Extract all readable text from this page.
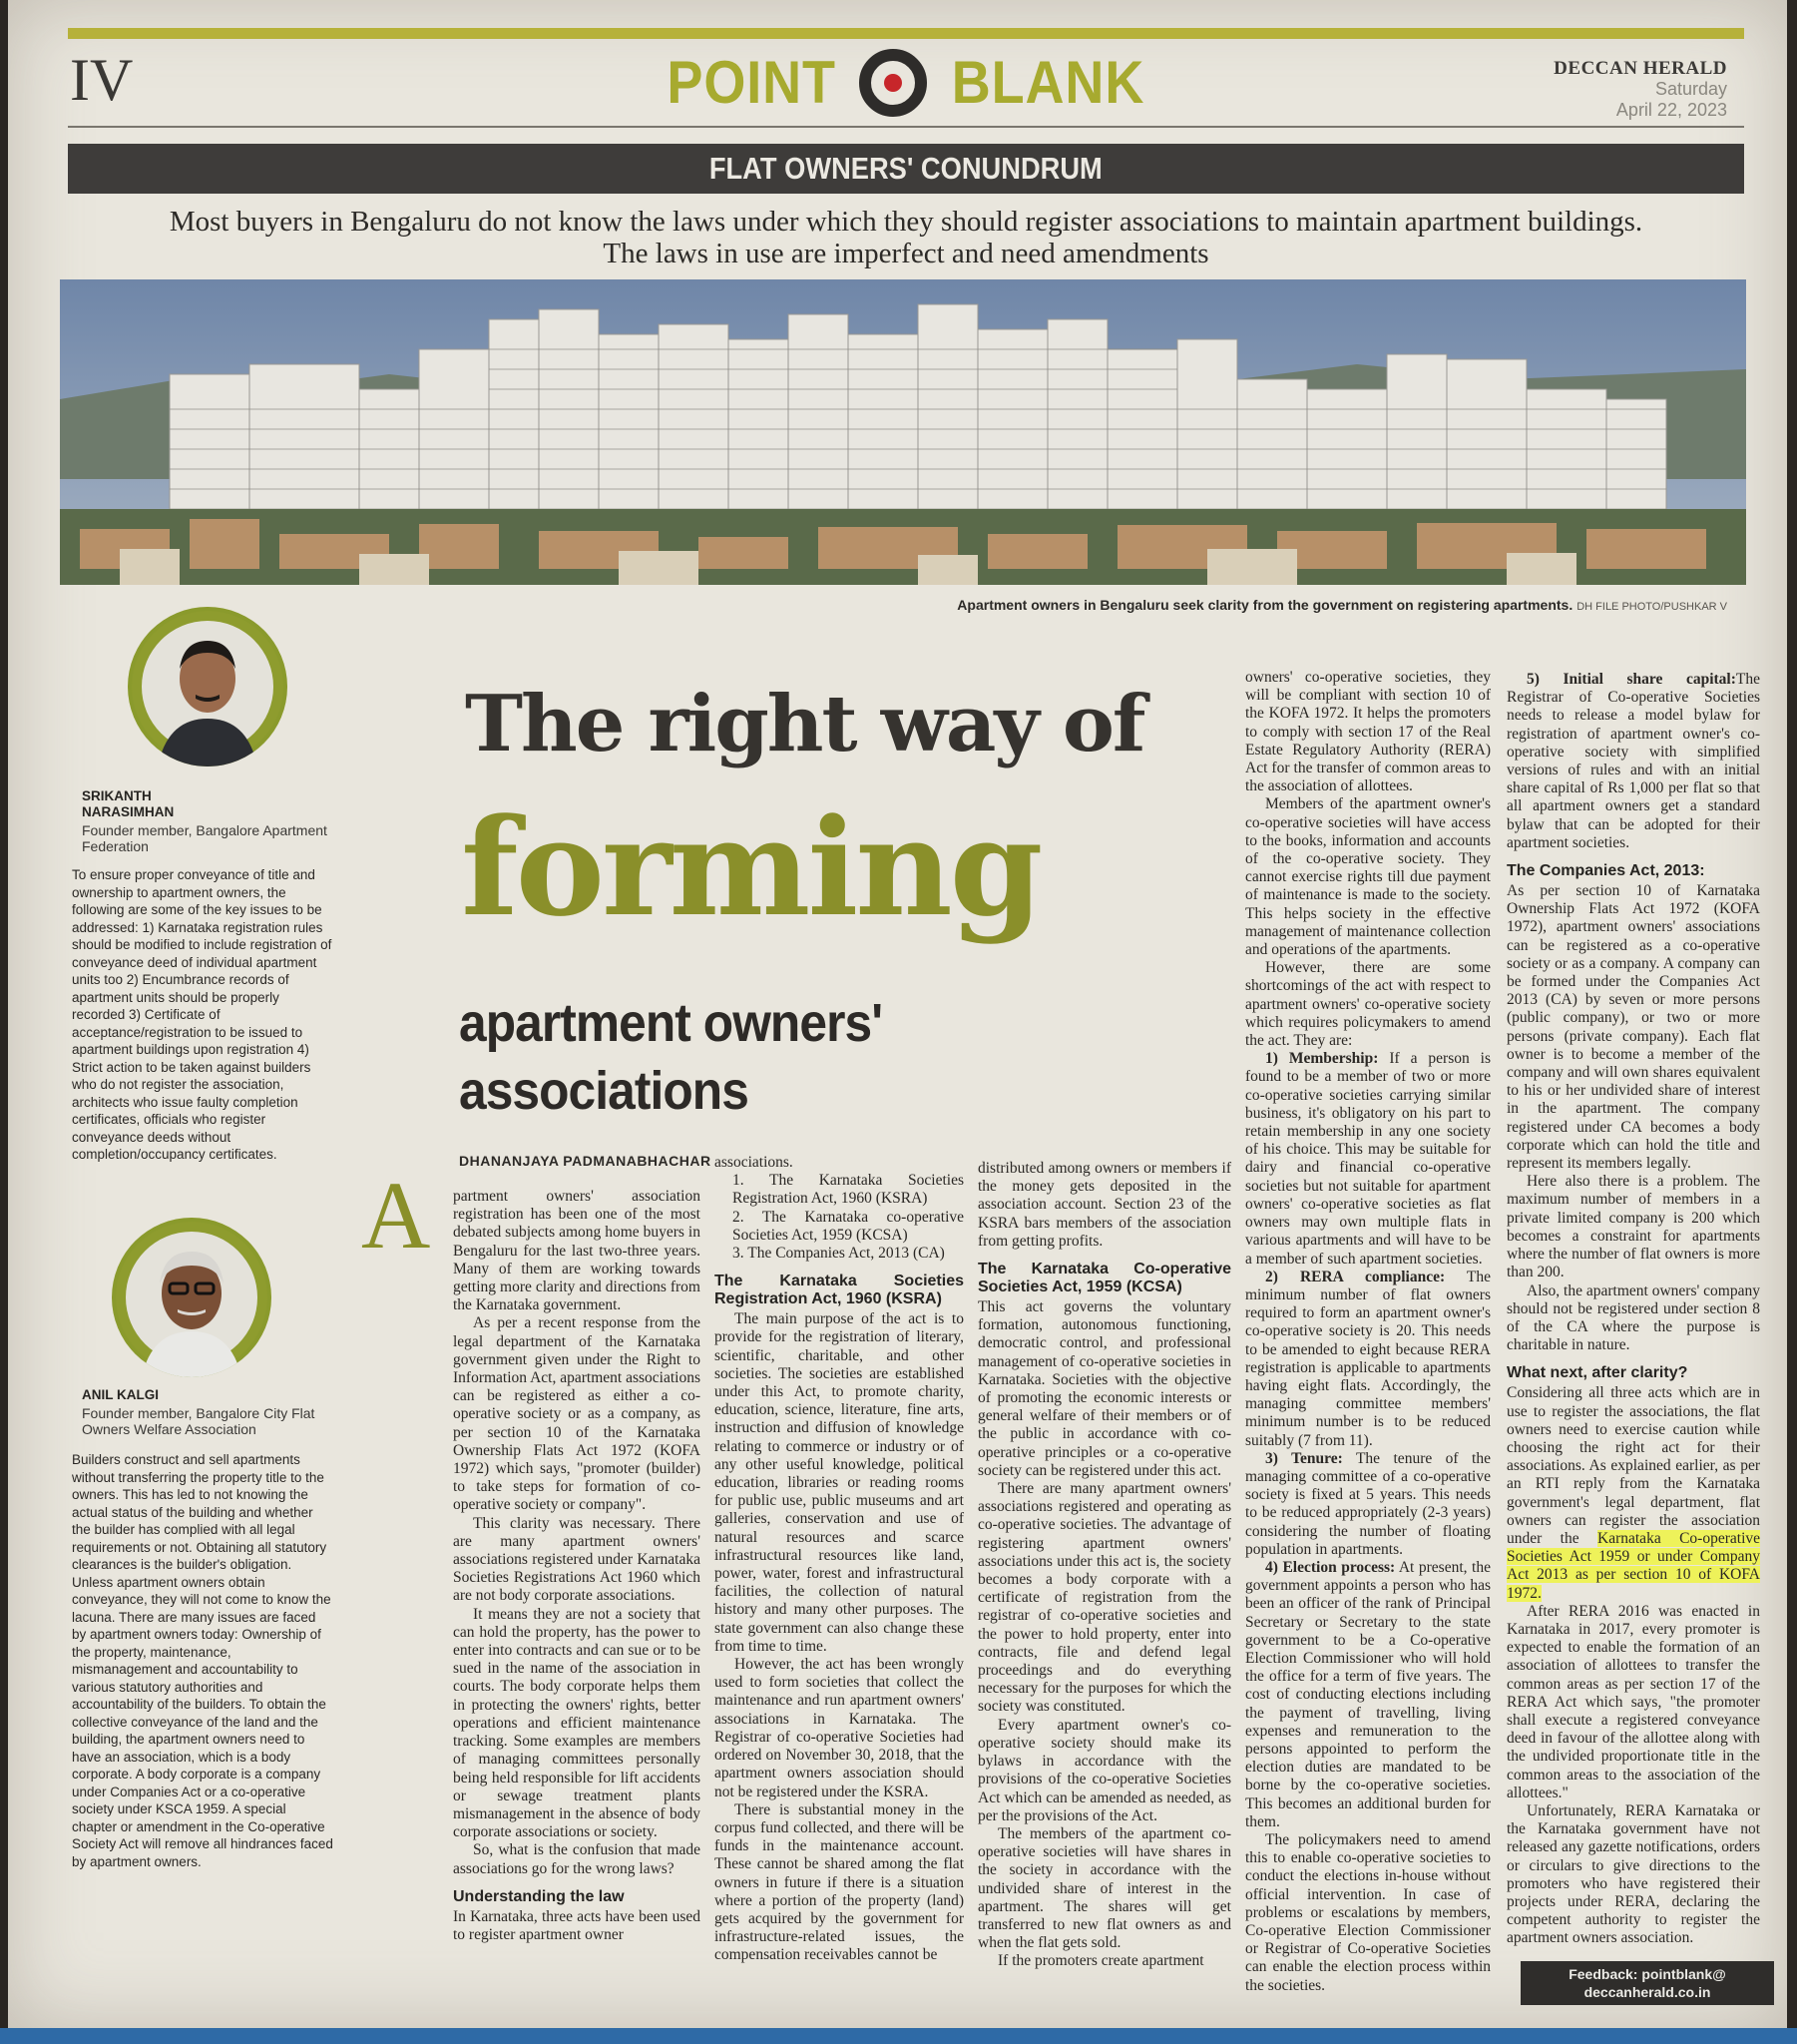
IV	POINT BLANK	DECCAN HERALD
Saturday
April 22, 2023
FLAT OWNERS' CONUNDRUM
Most buyers in Bengaluru do not know the laws under which they should register associations to maintain apartment buildings.
The laws in use are imperfect and need amendments
Apartment owners in Bengaluru seek clarity from the government on registering apartments. DH FILE PHOTO/PUSHKAR V
SRIKANTH
NARASIMHAN
Founder member, Bangalore Apartment Federation
To ensure proper conveyance of title and ownership to apartment owners, the following are some of the key issues to be addressed: 1) Karnataka registration rules should be modified to include registration of conveyance deed of individual apartment units too 2) Encumbrance records of apartment units should be properly recorded 3) Certificate of acceptance/registration to be issued to apartment buildings upon registration 4) Strict action to be taken against builders who do not register the association, architects who issue faulty completion certificates, officials who register conveyance deeds without completion/occupancy certificates.
ANIL KALGI
Founder member, Bangalore City Flat Owners Welfare Association
Builders construct and sell apartments without transferring the property title to the owners. This has led to not knowing the actual status of the building and whether the builder has complied with all legal requirements or not. Obtaining all statutory clearances is the builder's obligation. Unless apartment owners obtain conveyance, they will not come to know the lacuna. There are many issues are faced by apartment owners today: Ownership of the property, maintenance, mismanagement and accountability to various statutory authorities and accountability of the builders. To obtain the collective conveyance of the land and the building, the apartment owners need to have an association, which is a body corporate. A body corporate is a company under Companies Act or a co-operative society under KSCA 1959. A special chapter or amendment in the Co-operative Society Act will remove all hindrances faced by apartment owners.
The right way of
forming
apartment owners'
associations
DHANANJAYA PADMANABHACHAR
A partment owners' association registration has been one of the most debated subjects among home buyers in Bengaluru for the last two-three years. Many of them are working towards getting more clarity and directions from the Karnataka government.

As per a recent response from the legal department of the Karnataka government given under the Right to Information Act, apartment associations can be registered as either a co-operative society or as a company, as per section 10 of the Karnataka Ownership Flats Act 1972 (KOFA 1972) which says, "promoter (builder) to take steps for formation of co-operative society or company".

This clarity was necessary. There are many apartment owners' associations registered under Karnataka Societies Registrations Act 1960 which are not body corporate associations.

It means they are not a society that can hold the property, has the power to enter into contracts and can sue or to be sued in the name of the association in courts. The body corporate helps them in protecting the owners' rights, better operations and efficient maintenance tracking. Some examples are members of managing committees personally being held responsible for lift accidents or sewage treatment plants mismanagement in the absence of body corporate associations or society.

So, what is the confusion that made associations go for the wrong laws?

Understanding the law

In Karnataka, three acts have been used to register apartment owner

associations.

1. The Karnataka Societies Registration Act, 1960 (KSRA)

2. The Karnataka co-operative Societies Act, 1959 (KCSA)

3. The Companies Act, 2013 (CA)

The Karnataka Societies Registration Act, 1960 (KSRA)

The main purpose of the act is to provide for the registration of literary, scientific, charitable, and other societies. The societies are established under this Act, to promote charity, education, science, literature, fine arts, instruction and diffusion of knowledge relating to commerce or industry or of any other useful knowledge, political education, libraries or reading rooms for public use, public museums and art galleries, conservation and use of natural resources and scarce infrastructural resources like land, power, water, forest and infrastructural facilities, the collection of natural history and many other purposes. The state government can also change these from time to time.

However, the act has been wrongly used to form societies that collect the maintenance and run apartment owners' associations in Karnataka. The Registrar of co-operative Societies had ordered on November 30, 2018, that the apartment owners association should not be registered under the KSRA.

There is substantial money in the corpus fund collected, and there will be funds in the maintenance account. These cannot be shared among the flat owners in future if there is a situation where a portion of the property (land) gets acquired by the government for infrastructure-related issues, the compensation receivables cannot be

distributed among owners or members if the money gets deposited in the association account. Section 23 of the KSRA bars members of the association from getting profits.

The Karnataka Co-operative Societies Act, 1959 (KCSA)

This act governs the voluntary formation, autonomous functioning, democratic control, and professional management of co-operative societies in Karnataka. Societies with the objective of promoting the economic interests or general welfare of their members or of the public in accordance with co-operative principles or a co-operative society can be registered under this act.

There are many apartment owners' associations registered and operating as co-operative societies. The advantage of registering apartment owners' associations under this act is, the society becomes a body corporate with a certificate of registration from the registrar of co-operative societies and the power to hold property, enter into contracts, file and defend legal proceedings and do everything necessary for the purposes for which the society was constituted.

Every apartment owner's co-operative society should make its bylaws in accordance with the provisions of the co-operative Societies Act which can be amended as needed, as per the provisions of the Act.

The members of the apartment co-operative societies will have shares in the society in accordance with the undivided share of interest in the apartment. The shares will get transferred to new flat owners as and when the flat gets sold.

If the promoters create apartment

owners' co-operative societies, they will be compliant with section 10 of the KOFA 1972. It helps the promoters to comply with section 17 of the Real Estate Regulatory Authority (RERA) Act for the transfer of common areas to the association of allottees.

Members of the apartment owner's co-operative societies will have access to the books, information and accounts of the co-operative society. They cannot exercise rights till due payment of maintenance is made to the society. This helps society in the effective management of maintenance collection and operations of the apartments.

However, there are some shortcomings of the act with respect to apartment owners' co-operative society which requires policymakers to amend the act. They are:

1) Membership: If a person is found to be a member of two or more co-operative societies carrying similar business, it's obligatory on his part to retain membership in any one society of his choice. This may be suitable for dairy and financial co-operative societies but not suitable for apartment owners' co-operative societies as flat owners may own multiple flats in various apartments and will have to be a member of such apartment societies.

2) RERA compliance: The minimum number of flat owners required to form an apartment owner's co-operative society is 20. This needs to be amended to eight because RERA registration is applicable to apartments having eight flats. Accordingly, the managing committee members' minimum number is to be reduced suitably (7 from 11).

3) Tenure: The tenure of the managing committee of a co-operative society is fixed at 5 years. This needs to be reduced appropriately (2-3 years) considering the number of floating population in apartments.

4) Election process: At present, the government appoints a person who has been an officer of the rank of Principal Secretary or Secretary to the state government to be a Co-operative Election Commissioner who will hold the office for a term of five years. The cost of conducting elections including the payment of travelling, living expenses and remuneration to the persons appointed to perform the election duties are mandated to be borne by the co-operative societies. This becomes an additional burden for them.

The policymakers need to amend this to enable co-operative societies to conduct the elections in-house without official intervention. In case of problems or escalations by members, Co-operative Election Commissioner or Registrar of Co-operative Societies can enable the election process within the societies.

5) Initial share capital:The Registrar of Co-operative Societies needs to release a model bylaw for registration of apartment owner's co-operative society with simplified versions of rules and with an initial share capital of Rs 1,000 per flat so that all apartment owners get a standard bylaw that can be adopted for their apartment societies.

The Companies Act, 2013:

As per section 10 of Karnataka Ownership Flats Act 1972 (KOFA 1972), apartment owners' associations can be registered as a co-operative society or as a company. A company can be formed under the Companies Act 2013 (CA) by seven or more persons (public company), or two or more persons (private company). Each flat owner is to become a member of the company and will own shares equivalent to his or her undivided share of interest in the apartment. The company registered under CA becomes a body corporate which can hold the title and represent its members legally.

Here also there is a problem. The maximum number of members in a private limited company is 200 which becomes a constraint for apartments where the number of flat owners is more than 200.

Also, the apartment owners' company should not be registered under section 8 of the CA where the purpose is charitable in nature.

What next, after clarity?

Considering all three acts which are in use to register the associations, the flat owners need to exercise caution while choosing the right act for their associations. As explained earlier, as per an RTI reply from the Karnataka government's legal department, flat owners can register the association under the Karnataka Co-operative Societies Act 1959 or under Company Act 2013 as per section 10 of KOFA 1972.

After RERA 2016 was enacted in Karnataka in 2017, every promoter is expected to enable the formation of an association of allottees to transfer the common areas as per section 17 of the RERA Act which says, "the promoter shall execute a registered conveyance deed in favour of the allottee along with the undivided proportionate title in the common areas to the association of the allottees."

Unfortunately, RERA Karnataka or the Karnataka government have not released any gazette notifications, orders or circulars to give directions to the promoters who have registered their projects under RERA, declaring the competent authority to register the apartment owners association.

Feedback: pointblank@
deccanherald.co.in
